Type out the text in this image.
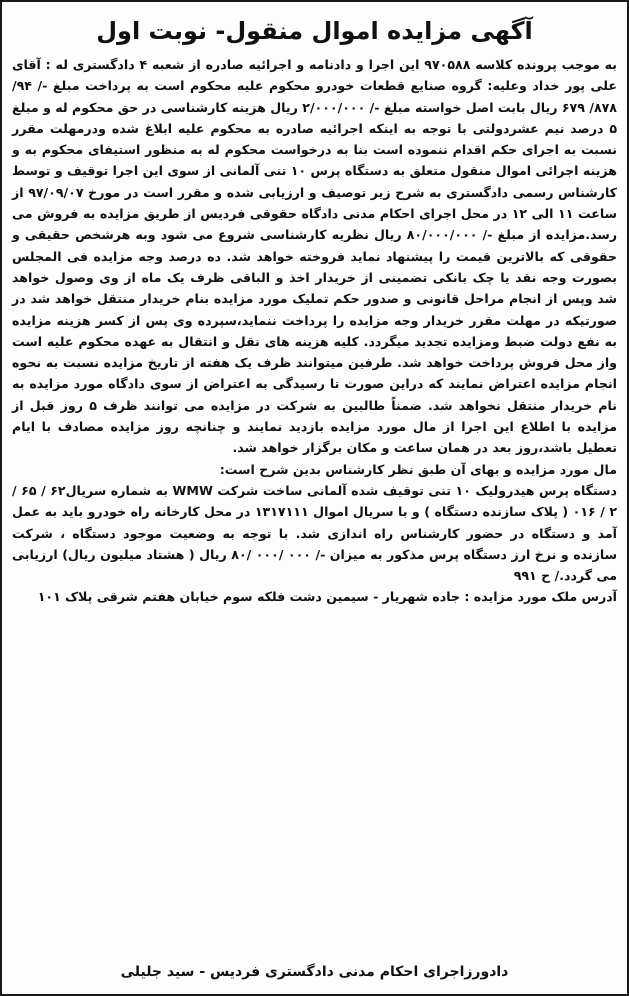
آگهی مزایده اموال منقول- نوبت اول

به موجب پرونده کلاسه ۹۷۰۵۸۸ این اجرا و دادنامه و اجرائیه صادره از شعبه ۴ دادگستری له : آقای علی پور خداد وعلیه: گروه صنایع قطعات خودرو محکوم علیه محکوم است به پرداخت مبلغ -/ ۹۴/ ۸۷۸/ ۶۷۹ ریال بابت اصل خواسته مبلغ -/ ۲/۰۰۰/۰۰۰ ریال هزینه کارشناسی در حق محکوم له و مبلغ ۵ درصد نیم عشردولتی با توجه به اینکه اجرائیه صادره به محکوم علیه ابلاغ شده ودرمهلت مقرر نسبت به اجرای حکم اقدام ننموده است بنا به درخواست محکوم له به منظور استیفای محکوم به و هزینه اجرائی اموال منقول متعلق به دستگاه پرس ۱۰ تنی آلمانی از سوی این اجرا توقیف و توسط کارشناس رسمی دادگستری به شرح زیر توصیف و ارزیابی شده و مقرر است در مورخ ۹۷/۰۹/۰۷ از ساعت ۱۱ الی ۱۲ در محل اجرای احکام مدنی دادگاه حقوقی فردیس از طریق مزایده به فروش می رسد.مزایده از مبلغ -/ ۸۰/۰۰۰/۰۰۰ ریال نظریه کارشناسی شروع می شود وبه هرشخص حقیقی و حقوقی که بالاترین قیمت را پیشنهاد نماید فروخته خواهد شد. ده درصد وجه مزایده فی المجلس بصورت وجه نقد یا چک بانکی تضمینی از خریدار اخذ و الباقی ظرف یک ماه از وی وصول خواهد شد وپس از انجام مراحل قانونی و صدور حکم تملیک مورد مزایده بنام خریدار منتقل خواهد شد در صورتیکه در مهلت مقرر خریدار وجه مزایده را پرداخت ننماید،سپرده وی پس از کسر هزینه مزایده به نفع دولت ضبط ومزایده تجدید میگردد. کلیه هزینه های نقل و انتقال به عهده محکوم علیه است واز محل فروش پرداخت خواهد شد. طرفین میتوانند ظرف یک هفته از تاریخ مزایده نسبت به نحوه انجام مزایده اعتراض نمایند که دراین صورت تا رسیدگی به اعتراض از سوی دادگاه مورد مزایده به نام خریدار منتقل نخواهد شد. ضمناً طالبین به شرکت در مزایده می توانند ظرف ۵ روز قبل از مزایده با اطلاع این اجرا از مال مورد مزایده بازدید نمایند و چنانچه روز مزایده مصادف با ایام تعطیل باشد،روز بعد در همان ساعت و مکان برگزار خواهد شد.

مال مورد مزایده و بهای آن طبق نظر کارشناس بدین شرح است:

دستگاه پرس هیدرولیک ۱۰ تنی توقیف شده آلمانی ساخت شرکت WMW به شماره سریال۶۲ / ۶۵ / ۲ / ۰۱۶ ( پلاک سازنده دستگاه ) و با سریال اموال ۱۳۱۷۱۱۱ در محل کارخانه راه خودرو باید به عمل آمد و دستگاه در حضور کارشناس راه اندازی شد. با توجه به وضعیت موجود دستگاه ، شرکت سازنده و نرخ ارز دستگاه پرس مذکور به میزان -/ ۰۰۰ /۰۰۰ /۸۰ ریال ( هشتاد میلیون ریال) ارزیابی می گردد./ ح ۹۹۱

آدرس ملک مورد مزایده : جاده شهریار - سیمین دشت فلکه سوم خیابان هفتم شرقی پلاک ۱۰۱

دادورزاجرای احکام مدنی دادگستری فردیس - سید جلیلی
